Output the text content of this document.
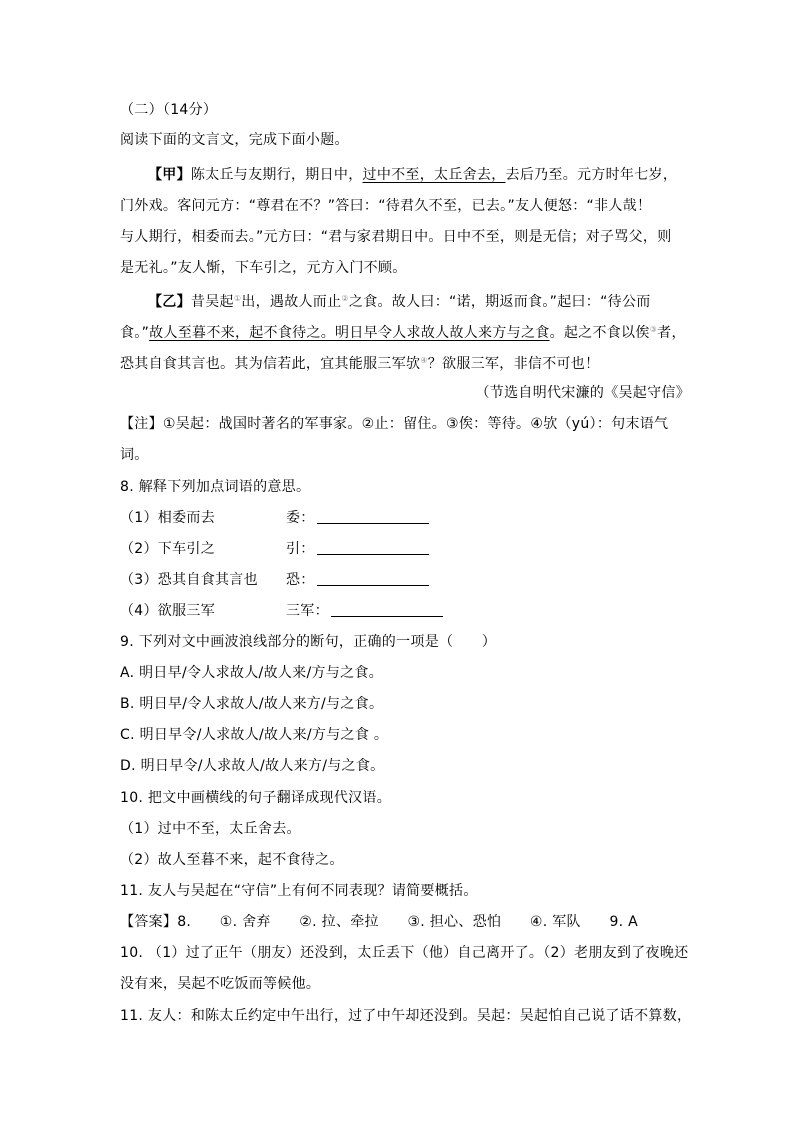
（二）（14分）
阅读下面的文言文，完成下面小题。
【甲】陈太丘与友期行，期日中，过中不至，太丘舍去，去后乃至。元方时年七岁，
门外戏。客问元方：“尊君在不？”答曰：“待君久不至，已去。”友人便怒：“非人哉！
与人期行，相委而去。”元方曰：“君与家君期日中。日中不至，则是无信；对子骂父，则
是无礼。”友人惭，下车引之，元方入门不顾。
【乙】昔吴起①出，遇故人而止②之食。故人曰：“诺，期返而食。”起曰：“待公而
食。”故人至暮不来，起不食待之。明日早令人求故人故人来方与之食。起之不食以俟③者，
恐其自食其言也。其为信若此，宜其能服三军欤④？欲服三军，非信不可也！
（节选自明代宋濂的《吴起守信》
【注】①吴起：战国时著名的军事家。②止：留住。③俟：等待。④欤（yú）：句末语气
词。
8. 解释下列加点词语的意思。
（1）相委而去	委：
（2）下车引之	引：
（3）恐其自食其言也 恐：
（4）欲服三军	三军：
9. 下列对文中画波浪线部分的断句，正确的一项是（　　）
A. 明日早/令人求故人/故人来/方与之食。
B. 明日早/令人求故人/故人来方/与之食。
C. 明日早令/人求故人/故人来/方与之食 。
D. 明日早令/人求故人/故人来方/与之食。
10. 把文中画横线的句子翻译成现代汉语。
（1）过中不至，太丘舍去。
（2）故人至暮不来，起不食待之。
11. 友人与吴起在“守信”上有何不同表现？请简要概括。
【答案】8.　　①. 舍弃　　②. 拉、牵拉　　③. 担心、恐怕　　④. 军队　　9. A
10. （1）过了正午（朋友）还没到，太丘丢下（他）自己离开了。（2）老朋友到了夜晚还
没有来，吴起不吃饭而等候他。
11. 友人：和陈太丘约定中午出行，过了中午却还没到。吴起：吴起怕自己说了话不算数，
